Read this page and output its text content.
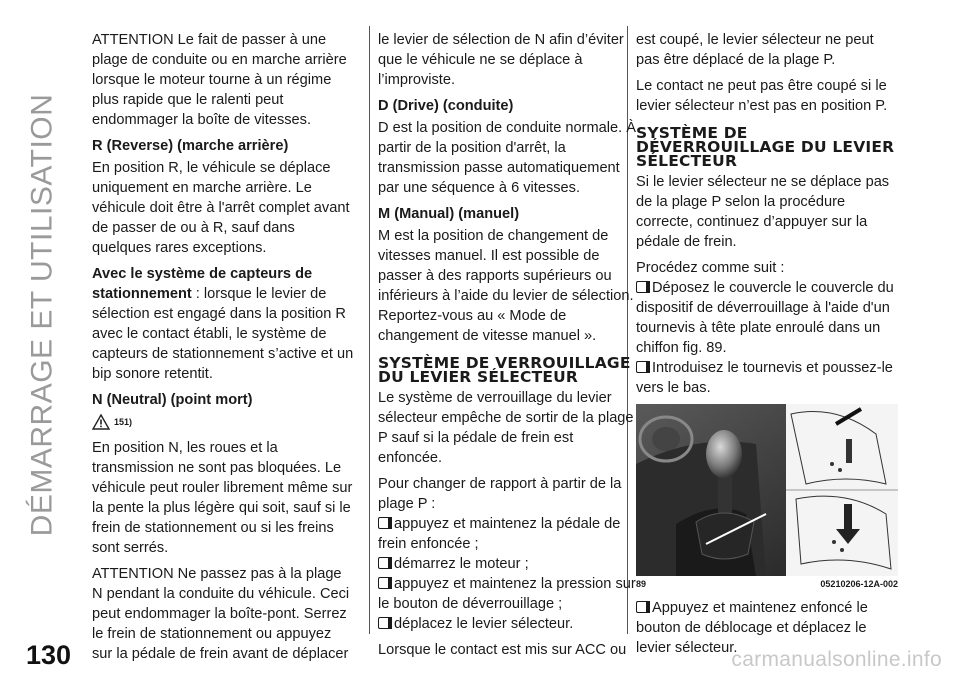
DÉMARRAGE ET UTILISATION

ATTENTION Le fait de passer à une plage de conduite ou en marche arrière lorsque le moteur tourne à un régime plus rapide que le ralenti peut endommager la boîte de vitesses.

R (Reverse) (marche arrière)

En position R, le véhicule se déplace uniquement en marche arrière. Le véhicule doit être à l'arrêt complet avant de passer de ou à R, sauf dans quelques rares exceptions.

Avec le système de capteurs de stationnement : lorsque le levier de sélection est engagé dans la position R avec le contact établi, le système de capteurs de stationnement s’active et un bip sonore retentit.

N (Neutral) (point mort)

151)

En position N, les roues et la transmission ne sont pas bloquées. Le véhicule peut rouler librement même sur la pente la plus légère qui soit, sauf si le frein de stationnement ou si les freins sont serrés.

ATTENTION Ne passez pas à la plage N pendant la conduite du véhicule. Ceci peut endommager la boîte-pont. Serrez le frein de stationnement ou appuyez sur la pédale de frein avant de déplacer

le levier de sélection de N afin d’éviter que le véhicule ne se déplace à l’improviste.

D (Drive) (conduite)

D est la position de conduite normale. À partir de la position d'arrêt, la transmission passe automatiquement par une séquence à 6 vitesses.

M (Manual) (manuel)

M est la position de changement de vitesses manuel. Il est possible de passer à des rapports supérieurs ou inférieurs à l’aide du levier de sélection. Reportez-vous au « Mode de changement de vitesse manuel ».

SYSTÈME DE VERROUILLAGE DU LEVIER SÉLECTEUR

Le système de verrouillage du levier sélecteur empêche de sortir de la plage P sauf si la pédale de frein est enfoncée.

Pour changer de rapport à partir de la plage P :

appuyez et maintenez la pédale de frein enfoncée ;
démarrez le moteur ;
appuyez et maintenez la pression sur le bouton de déverrouillage ;
déplacez le levier sélecteur.

Lorsque le contact est mis sur ACC ou

est coupé, le levier sélecteur ne peut pas être déplacé de la plage P.

Le contact ne peut pas être coupé si le levier sélecteur n’est pas en position P.

SYSTÈME DE DÉVERROUILLAGE DU LEVIER SÉLECTEUR

Si le levier sélecteur ne se déplace pas de la plage P selon la procédure correcte, continuez d’appuyer sur la pédale de frein.

Procédez comme suit :

Déposez le couvercle le couvercle du dispositif de déverrouillage à l'aide d'un tournevis à tête plate enroulé dans un chiffon fig. 89.
Introduisez le tournevis et poussez-le vers le bas.
89	05210206-12A-002
Appuyez et maintenez enfoncé le bouton de déblocage et déplacez le levier sélecteur.
130	carmanualsonline.info
